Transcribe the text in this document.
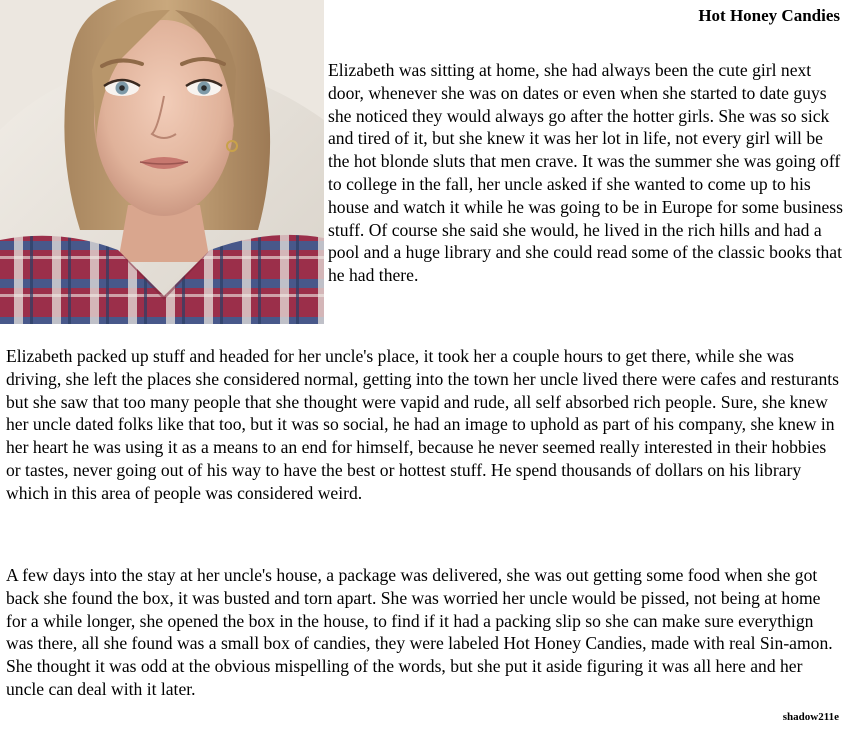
Hot Honey Candies

Elizabeth was sitting at home, she had always been the cute girl next door, whenever she was on dates or even when she started to date guys she noticed they would always go after the hotter girls. She was so sick and tired of it, but she knew it was her lot in life, not every girl will be the hot blonde sluts that men crave. It was the summer she was going off to college in the fall, her uncle asked if she wanted to come up to his house and watch it while he was going to be in Europe for some business stuff. Of course she said she would, he lived in the rich hills and had a pool and a huge library and she could read some of the classic books that he had there.

Elizabeth packed up stuff and headed for her uncle's place, it took her a couple hours to get there, while she was driving, she left the places she considered normal, getting into the town her uncle lived there were cafes and resturants but she saw that too many people that she thought were vapid and rude, all self absorbed rich people. Sure, she knew her uncle dated folks like that too, but it was so social, he had an image to uphold as part of his company, she knew in her heart he was using it as a means to an end for himself, because he never seemed really interested in their hobbies or tastes, never going out of his way to have the best or hottest stuff. He spend thousands of dollars on his library which in this area of people was considered weird.

A few days into the stay at her uncle's house, a package was delivered, she was out getting some food when she got back she found the box, it was busted and torn apart. She was worried her uncle would be pissed, not being at home for a while longer, she opened the box in the house, to find if it had a packing slip so she can make sure everythign was there, all she found was a small box of candies, they were labeled Hot Honey Candies, made with real Sin-amon. She thought it was odd at the obvious mispelling of the words, but she put it aside figuring it was all here and her uncle can deal with it later.

shadow211e
